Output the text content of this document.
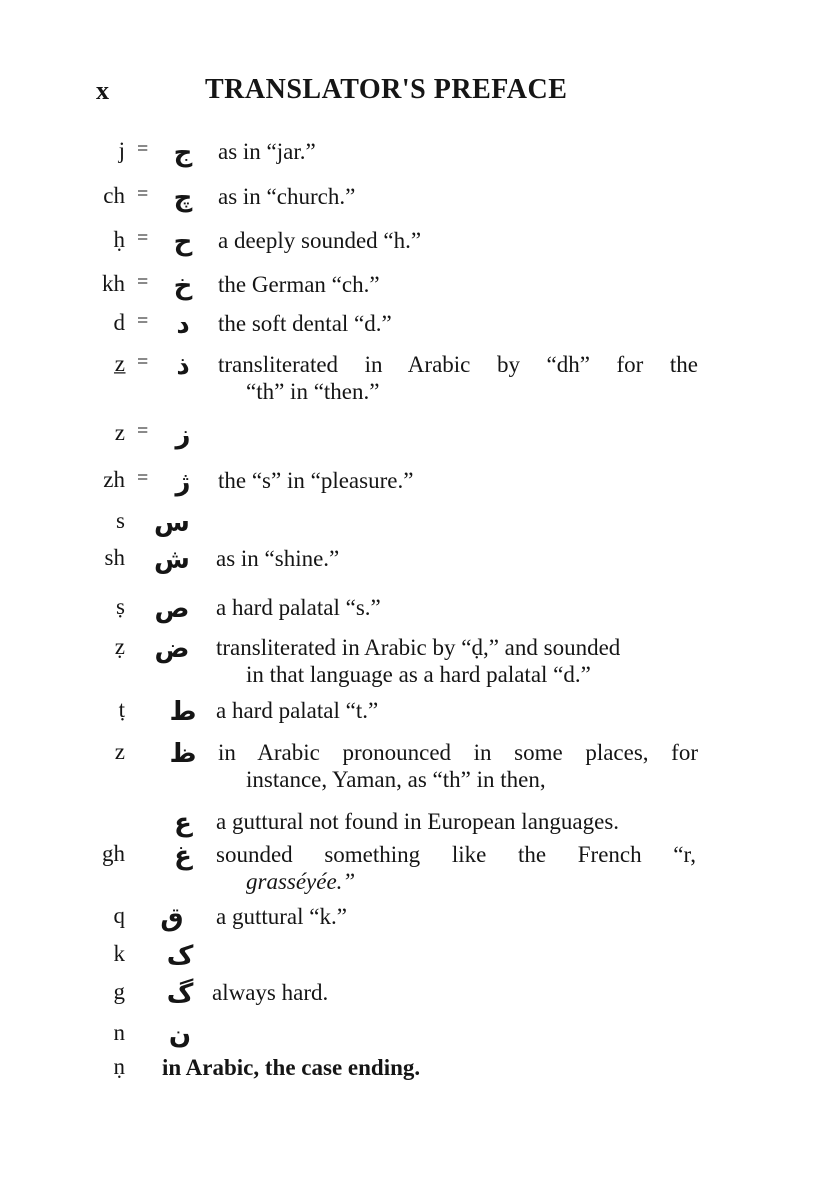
x	TRANSLATOR'S PREFACE
j = ج	as in “jar.”
ch = چ	as in “church.”
ḥ = ح	a deeply sounded “h.”
kh = خ	the German “ch.”
d =	د	the soft dental “d.”
z̲ =	ذ	transliterated in Arabic by “dh” for the
“th” in “then.”
z =	ز
zh =	ژ	the “s” in “pleasure.”
s س
sh ش as in “shine.”
ṣ ص a hard palatal “s.”
ẓ ض transliterated in Arabic by “ḍ,” and sounded
in that language as a hard palatal “d.”
ṭ ط a hard palatal “t.”
z ظ in Arabic pronounced in some places, for
instance, Yaman, as “th” in then,
ع	a guttural not found in European languages.
gh	غ	sounded something like the French “r,
grasséyée.”
q	ق	a guttural “k.”
k ک
g گ always hard.
n	ن
ṇ in Arabic, the case ending.
